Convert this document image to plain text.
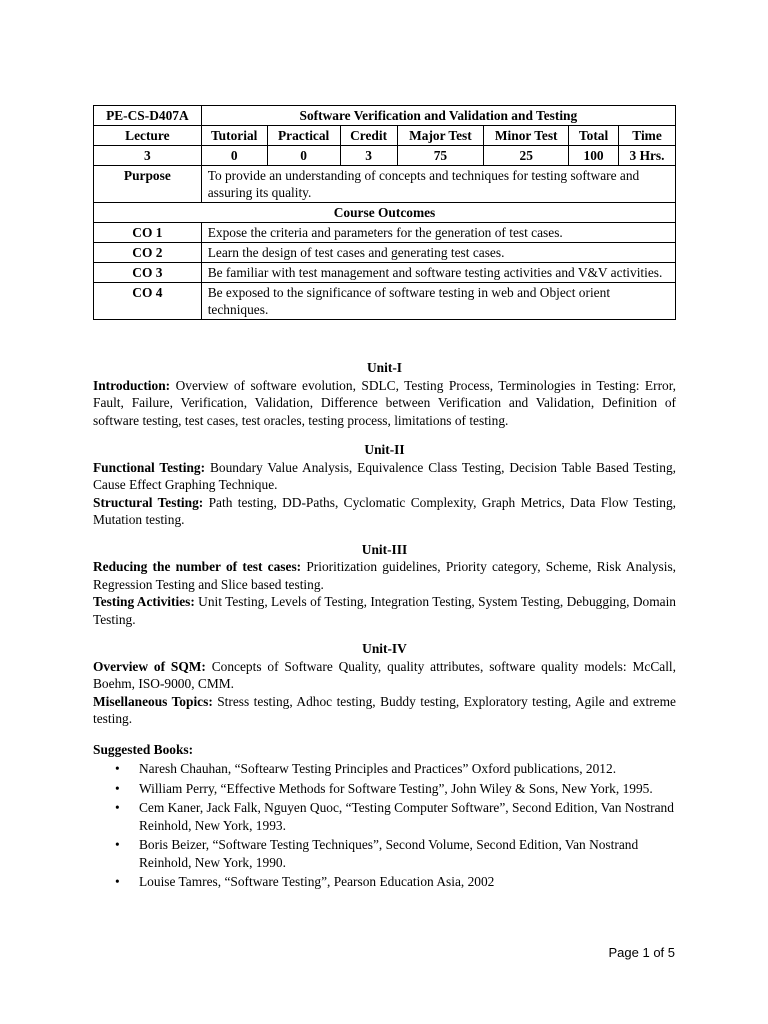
PE-CS-D407A	Software Verification and Validation and Testing						
Lecture	Tutorial	Practical	Credit	Major Test	Minor Test	Total	Time
3	0	0	3	75	25	100	3 Hrs.
Purpose	To provide an understanding of concepts and techniques for testing software and assuring its quality.						
Course Outcomes							
CO 1	Expose the criteria and parameters for the generation of test cases.						
CO 2	Learn the design of test cases and generating test cases.						
CO 3	Be familiar with test management and software testing activities and V&V activities.						
CO 4	Be exposed to the significance of software testing in web and Object orient techniques.						
Unit-I

Introduction: Overview of software evolution, SDLC, Testing Process, Terminologies in Testing: Error, Fault, Failure, Verification, Validation, Difference between Verification and Validation, Definition of software testing, test cases, test oracles, testing process, limitations of testing.

Unit-II

Functional Testing: Boundary Value Analysis, Equivalence Class Testing, Decision Table Based Testing, Cause Effect Graphing Technique.

Structural Testing: Path testing, DD-Paths, Cyclomatic Complexity, Graph Metrics, Data Flow Testing, Mutation testing.

Unit-III

Reducing the number of test cases: Prioritization guidelines, Priority category, Scheme, Risk Analysis, Regression Testing and Slice based testing.

Testing Activities: Unit Testing, Levels of Testing, Integration Testing, System Testing, Debugging, Domain Testing.

Unit-IV

Overview of SQM: Concepts of Software Quality, quality attributes, software quality models: McCall, Boehm, ISO-9000, CMM.

Misellaneous Topics: Stress testing, Adhoc testing, Buddy testing, Exploratory testing, Agile and extreme testing.

Suggested Books:
• Naresh Chauhan, “Softearw Testing Principles and Practices” Oxford publications, 2012.
• William Perry, “Effective Methods for Software Testing”, John Wiley & Sons, New York, 1995.
• Cem Kaner, Jack Falk, Nguyen Quoc, “Testing Computer Software”, Second Edition, Van Nostrand Reinhold, New York, 1993.
• Boris Beizer, “Software Testing Techniques”, Second Volume, Second Edition, Van Nostrand Reinhold, New York, 1990.
• Louise Tamres, “Software Testing”, Pearson Education Asia, 2002
Page 1 of 5
